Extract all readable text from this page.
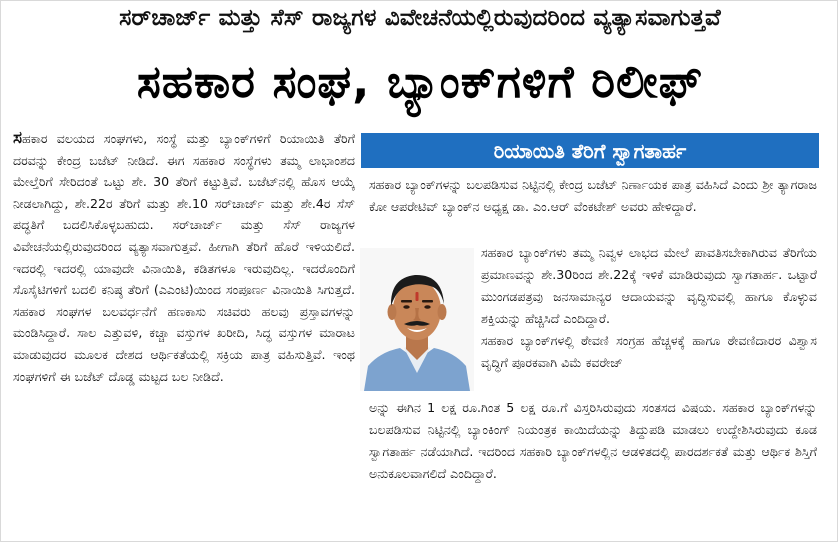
ಸರ್‌ಚಾರ್ಜ್‌ ಮತ್ತು ಸೆಸ್‌ ರಾಜ್ಯಗಳ ವಿವೇಚನೆಯಲ್ಲಿರುವುದರಿಂದ ವ್ಯತ್ಯಾಸವಾಗುತ್ತವೆ
ಸಹಕಾರ ಸಂಘ, ಬ್ಯಾಂಕ್‌ಗಳಿಗೆ ರಿಲೀಫ್‌

ಸಹಕಾರ ವಲಯದ ಸಂಘಗಳು, ಸಂಸ್ಥೆ ಮತ್ತು ಬ್ಯಾಂಕ್‌ಗಳಿಗೆ ರಿಯಾಯಿತಿ ತೆರಿಗೆ ದರವನ್ನು ಕೇಂದ್ರ ಬಜೆಟ್‌ ನೀಡಿದೆ. ಈಗ ಸಹಕಾರ ಸಂಸ್ಥೆಗಳು ತಮ್ಮ ಲಾಭಾಂಶದ ಮೇಲ್ತೆರಿಗೆ ಸೇರಿದಂತೆ ಒಟ್ಟು ಶೇ. 30 ತೆರಿಗೆ ಕಟ್ಟುತ್ತಿವೆ. ಬಜೆಟ್‌ನಲ್ಲಿ ಹೊಸ ಆಯ್ಕೆ ನೀಡಲಾಗಿದ್ದು, ಶೇ.22ರ ತೆರಿಗೆ ಮತ್ತು ಶೇ.10 ಸರ್‌ಚಾರ್ಜ್‌ ಮತ್ತು ಶೇ.4ರ ಸೆಸ್‌ ಪದ್ಧತಿಗೆ ಬದಲಿಸಿಕೊಳ್ಳಬಹುದು. ಸರ್‌ಚಾರ್ಜ್‌ ಮತ್ತು ಸೆಸ್‌ ರಾಜ್ಯಗಳ ವಿವೇಚನೆಯಲ್ಲಿರುವುದರಿಂದ ವ್ಯತ್ಯಾಸವಾಗುತ್ತವೆ. ಹೀಗಾಗಿ ತೆರಿಗೆ ಹೊರೆ ಇಳಿಯಲಿದೆ. ಇದರಲ್ಲಿ ಇದರಲ್ಲಿ ಯಾವುದೇ ವಿನಾಯಿತಿ, ಕಡಿತಗಳೂ ಇರುವುದಿಲ್ಲ. ಇದರೊಂದಿಗೆ ಸೊಸೈಟಿಗಳಿಗೆ ಬದಲಿ ಕನಿಷ್ಠ ತೆರಿಗೆ (ಎಎಂಟಿ)ಯಿಂದ ಸಂಪೂರ್ಣ ವಿನಾಯಿತಿ ಸಿಗುತ್ತದೆ. ಸಹಕಾರ ಸಂಘಗಳ ಬಲವರ್ಧನೆಗೆ ಹಣಕಾಸು ಸಚಿವರು ಹಲವು ಪ್ರಸ್ತಾವಗಳನ್ನು ಮಂಡಿಸಿದ್ದಾರೆ. ಸಾಲ ಎತ್ತುವಳಿ, ಕಚ್ಚಾ ವಸ್ತುಗಳ ಖರೀದಿ, ಸಿದ್ಧ ವಸ್ತುಗಳ ಮಾರಾಟ ಮಾಡುವುದರ ಮೂಲಕ ದೇಶದ ಆರ್ಥಿಕತೆಯಲ್ಲಿ ಸಕ್ರಿಯ ಪಾತ್ರ ವಹಿಸುತ್ತಿವೆ. ಇಂಥ ಸಂಘಗಳಿಗೆ ಈ ಬಜೆಟ್‌ ದೊಡ್ಡ ಮಟ್ಟದ ಬಲ ನೀಡಿದೆ.

ರಿಯಾಯಿತಿ ತೆರಿಗೆ ಸ್ವಾಗತಾರ್ಹ
ಸಹಕಾರ ಬ್ಯಾಂಕ್‌ಗಳನ್ನು ಬಲಪಡಿಸುವ ನಿಟ್ಟಿನಲ್ಲಿ ಕೇಂದ್ರ ಬಜೆಟ್‌ ನಿರ್ಣಾಯಕ ಪಾತ್ರ ವಹಿಸಿದೆ ಎಂದು ಶ್ರೀ ತ್ಯಾಗರಾಜ ಕೋ ಆಪರೇಟಿವ್‌ ಬ್ಯಾಂಕ್‌ನ ಅಧ್ಯಕ್ಷ ಡಾ. ಎಂ.ಆರ್‌ ವೆಂಕಟೇಶ್‌ ಅವರು ಹೇಳಿದ್ದಾರೆ.
ಸಹಕಾರ ಬ್ಯಾಂಕ್‌ಗಳು ತಮ್ಮ ನಿವ್ವಳ ಲಾಭದ ಮೇಲೆ ಪಾವತಿಸಬೇಕಾಗಿರುವ ತೆರಿಗೆಯ ಪ್ರಮಾಣವನ್ನು ಶೇ.30ರಿಂದ ಶೇ.22ಕ್ಕೆ ಇಳಿಕೆ ಮಾಡಿರುವುದು ಸ್ವಾಗತಾರ್ಹ. ಒಟ್ಟಾರೆ ಮುಂಗಡಪತ್ರವು ಜನಸಾಮಾನ್ಯರ ಆದಾಯವನ್ನು ವೃದ್ಧಿಸುವಲ್ಲಿ ಹಾಗೂ ಕೊಳ್ಳುವ ಶಕ್ತಿಯನ್ನು ಹೆಚ್ಚಿಸಿದೆ ಎಂದಿದ್ದಾರೆ.
ಸಹಕಾರ ಬ್ಯಾಂಕ್‌ಗಳಲ್ಲಿ ಠೇವಣಿ ಸಂಗ್ರಹ ಹೆಚ್ಚಳಕ್ಕೆ ಹಾಗೂ ಠೇವಣಿದಾರರ ವಿಶ್ವಾಸ ವೃದ್ಧಿಗೆ ಪೂರಕವಾಗಿ ವಿಮೆ ಕವರೇಜ್‌
ಅನ್ನು ಈಗಿನ 1 ಲಕ್ಷ ರೂ.ಗಿಂತ 5 ಲಕ್ಷ ರೂ.ಗೆ ವಿಸ್ತರಿಸಿರುವುದು ಸಂತಸದ ವಿಷಯ. ಸಹಕಾರ ಬ್ಯಾಂಕ್‌ಗಳನ್ನು ಬಲಪಡಿಸುವ ನಿಟ್ಟಿನಲ್ಲಿ ಬ್ಯಾಂಕಿಂಗ್‌ ನಿಯಂತ್ರಕ ಕಾಯಿದೆಯನ್ನು ತಿದ್ದುಪಡಿ ಮಾಡಲು ಉದ್ದೇಶಿಸಿರುವುದು ಕೂಡ ಸ್ವಾಗತಾರ್ಹ ನಡೆಯಾಗಿದೆ. ಇದರಿಂದ ಸಹಕಾರಿ ಬ್ಯಾಂಕ್‌ಗಳಲ್ಲಿನ ಆಡಳಿತದಲ್ಲಿ ಪಾರದರ್ಶಕತೆ ಮತ್ತು ಆರ್ಥಿಕ ಶಿಸ್ತಿಗೆ ಅನುಕೂಲವಾಗಲಿದೆ ಎಂದಿದ್ದಾರೆ.
